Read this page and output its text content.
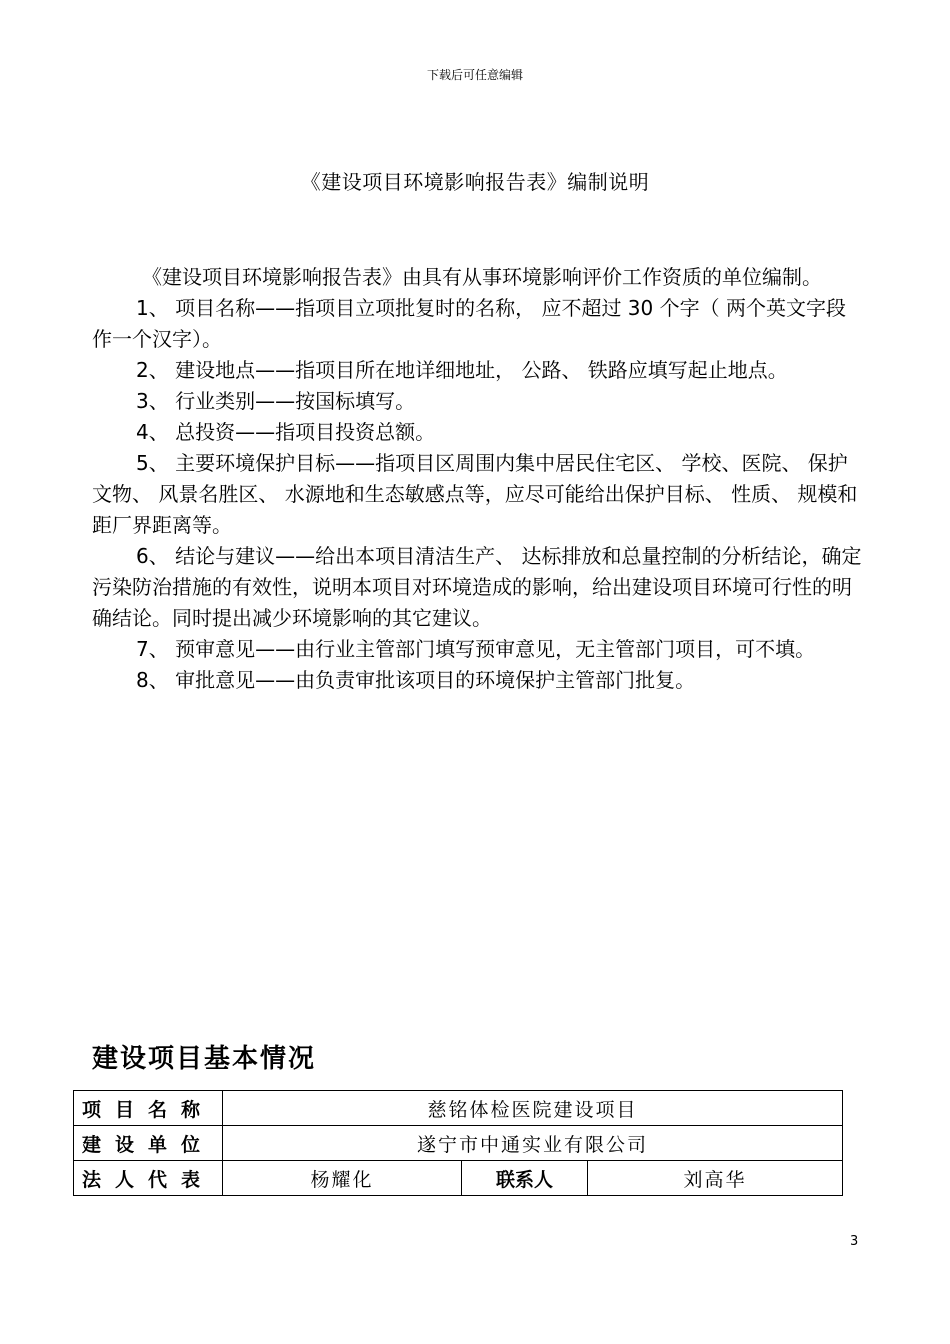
下载后可任意编辑
《建设项目环境影响报告表》编制说明

《建设项目环境影响报告表》由具有从事环境影响评价工作资质的单位编制。

1、 项目名称——指项目立项批复时的名称， 应不超过 30 个字（ 两个英文字段作一个汉字）。

2、 建设地点——指项目所在地详细地址， 公路、 铁路应填写起止地点。

3、 行业类别——按国标填写。

4、 总投资——指项目投资总额。

5、 主要环境保护目标——指项目区周围内集中居民住宅区、 学校、医院、 保护文物、 风景名胜区、 水源地和生态敏感点等，应尽可能给出保护目标、 性质、 规模和距厂界距离等。

6、 结论与建议——给出本项目清洁生产、 达标排放和总量控制的分析结论，确定污染防治措施的有效性，说明本项目对环境造成的影响，给出建设项目环境可行性的明确结论。同时提出减少环境影响的其它建议。

7、 预审意见——由行业主管部门填写预审意见，无主管部门项目，可不填。

8、 审批意见——由负责审批该项目的环境保护主管部门批复。

建设项目基本情况
项目名称	慈铭体检医院建设项目		
建设单位	遂宁市中通实业有限公司		
法人代表	杨耀化	联系人	刘高华
3
